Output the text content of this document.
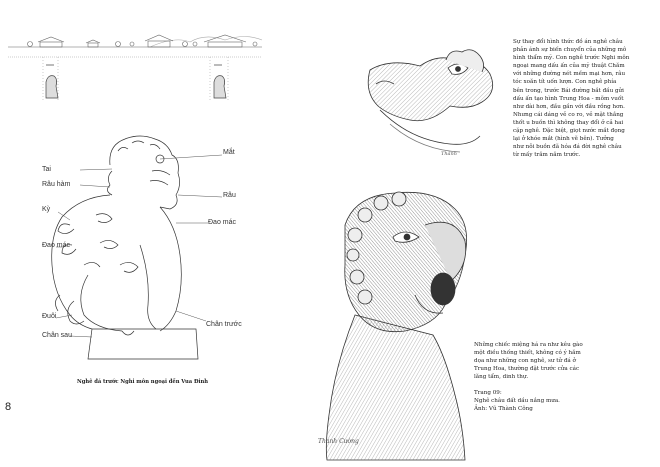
Mắt
Tai
Râu hàm
Râu
Kỳ
Đao mác
Đao mác
Đuôi
Chân sau
Chân trước
Nghê đá trước Nghi môn ngoại đền Vua Đinh
8
Thành
Sự thay đổi hình thức đồ án nghê châu
phản ánh sự biến chuyển của những mô
hình thẩm mỹ. Con nghê trước Nghi môn
ngoại mang dấu ấn của mỹ thuật Chăm
với những đường nét mềm mại hơn, râu
tóc xoăn tít uốn lượn. Con nghê phía
bên trong, trước Bái đường bắt đầu gửi
dấu ấn tạo hình Trung Hoa - mõm vuốt
như dài hơn, đầu gần với đầu rồng hơn.
Nhưng cái dáng vẻ co ro, vẻ mặt thắng
thốt u buồn thì không thay đổi ở cả hai
cặp nghê. Đặc biệt, giọt nước mắt đọng
lại ở khóe mắt (hình vẽ bên). Tưởng
như nỗi buồn đã hóa đá đời nghê châu
từ mấy trăm năm trước.
Thanh Cường
Những chiếc miệng há ra như kêu gào
một điều thống thiết, không có ý hăm
dọa như những con nghê, sư tử đá ở
Trung Hoa, thường đặt trước cửa các
lăng tẩm, dinh thự.
Trang 09:
Nghê châu đất dầu nắng mưa.
Ảnh: Vũ Thành Công
